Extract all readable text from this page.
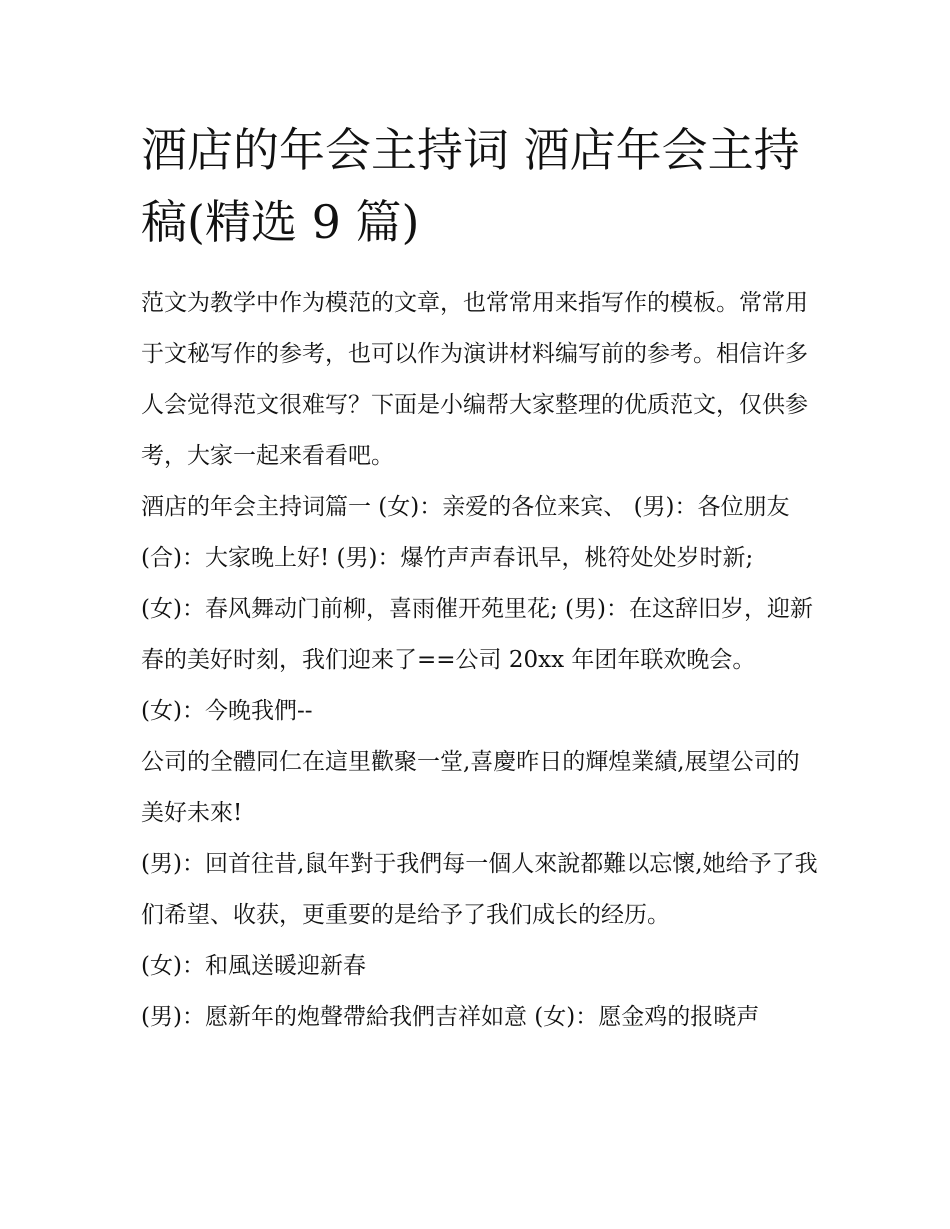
酒店的年会主持词 酒店年会主持稿(精选 9 篇)

范文为教学中作为模范的文章，也常常用来指写作的模板。常常用于文秘写作的参考，也可以作为演讲材料编写前的参考。相信许多人会觉得范文很难写？下面是小编帮大家整理的优质范文，仅供参考，大家一起来看看吧。

酒店的年会主持词篇一 (女)：亲爱的各位来宾、 (男)：各位朋友 (合)：大家晚上好! (男)：爆竹声声春讯早，桃符处处岁时新;

(女)：春风舞动门前柳，喜雨催开苑里花; (男)：在这辞旧岁，迎新春的美好时刻，我们迎来了==公司 20xx 年团年联欢晚会。 (女)：今晚我們--

公司的全體同仁在這里歡聚一堂,喜慶昨日的輝煌業績,展望公司的美好未來!

(男)：回首往昔,鼠年對于我們每一個人來說都難以忘懷,她给予了我们希望、收获，更重要的是给予了我们成长的经历。

(女)：和風送暖迎新春

(男)：愿新年的炮聲帶給我們吉祥如意 (女)：愿金鸡的报晓声
